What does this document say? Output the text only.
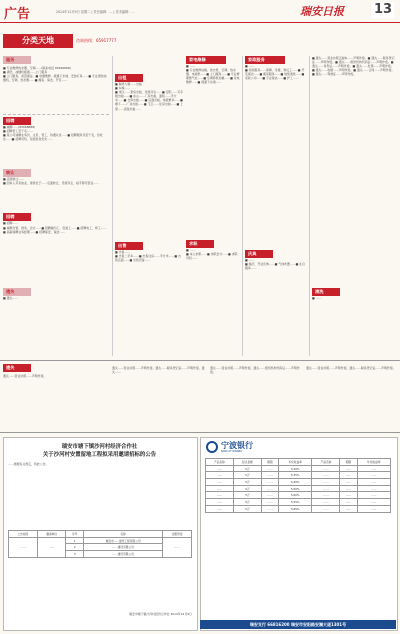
广告	2014年12月9日 星期二 | 责任编辑：... | 美术编辑：...	瑞安日报 13
分类天地	咨询热线：65917777
服务
■ 专业维修热水器，空调……(联系电话 65926868)
■ 清洗、油烟机疏通……上门服务
■ 上门服务，质量保证。■ 电器维修、疏通下水道、安装灯具……■ 专业清洗油烟机、空调、热水器……■ 搬家、保洁、开荒……
招聘
■ 诚聘……(65668888)
■ 招聘普工若干名……
■ 某公司诚聘业务员、文员、普工，待遇从优……■ 招聘服务员若干名，包吃住……■ 招聘司机，有经验者优先……
转让
■ 店面转让……
■ 因本人另有他业，现将位于……店面转让，设施齐全，接手即可营业……
招聘
■ 招聘……
■ 诚聘仓管、财务、会计……■ 招聘缝纫工、包装工……■ 招聘电工、焊工……■ 高薪诚聘业务经理……■ 招聘保安、保洁……
遗失
■ 遗失……
出租
■ 瑞祥大厦……出租
■ 东城……
■ 市区……套房出租，设施齐全……■ 安阳……写字楼出租……■ 东山……厂房出租，面积……平方米……■ 仓库出租……■ 店面出租，地段繁华……■ 塘下……厂房出租……■ 飞云……住房出租……■ 上望……店面出租……
出售
■ 出售……
■ 出售二手车……■ 出售住房……平方米……■ 出售店面……■ 出售设备……
家电维修
■ ……
■ 专业维修冰箱、洗衣机、空调、热水器、电视机……■ 上门服务……■ 专业修理燃气灶……■ 空调移机加氟……■ 家电维修……■ 疏通下水道……
求职
■ ……
■ 本人求职……■ 求职会计……■ 求职司机……
家政服务
■ ……
■ 家政服务……保姆、月嫂、钟点工……■ 开荒保洁……■ 搬家服务……■ 地毯清洗……■ 家政公司……■ 专业保洁……■ 护工……
庆典
■ ……
■ 婚庆、开业庆典……■ 气球布置……■ 礼仪服务……
■ 遗失……营业执照正副本……声明作废。■ 遗失……税务登记证……声明作废。■ 遗失……组织机构代码证……声明作废。■ 遗失……身份证……声明作废。■ 遗失……发票……声明作废。■ 遗失……收据……声明作废。■ 遗失……合同……声明作废。■ 遗失……驾驶证……声明作废。
清洗
■ ……
遗失
遗失……营业执照……声明作废。
遗失……营业执照……声明作废。遗失……税务登记证……声明作废。遗失……
遗失……营业执照……声明作废。遗失……组织机构代码证……声明作废。
遗失……营业执照……声明作废。遗失……税务登记证……声明作废。
瑞安市塘下镇沙河村经济合作社
关于沙河村安置留地工程拟采用邀请招标的公告
……根据有关规定，特此公告。
公告标段	邀请单位	序号	名称	注册资金
……	……	1	瑞安市……建设工程有限公司	……
		2	……建设有限公司	
		3	……建设有限公司	
瑞安市塘下镇沙河村经济合作社 2014年12月9日
宁波银行
BANK OF NINGBO
产品名称	起点金额	期限	年化收益率	产品名称	期限	年化收益率
……	5万	……	5.20%	……	……	……
……	5万	……	5.35%	……	……	……
……	5万	……	5.40%	……	……	……
……	5万	……	5.50%	……	……	……
……	5万	……	5.60%	……	……	……
……	5万	……	5.55%	……	……	……
……	5万	……	5.65%	……	……	……
瑞安支行 66816200 瑞安市安阳路安澜大道1301号
